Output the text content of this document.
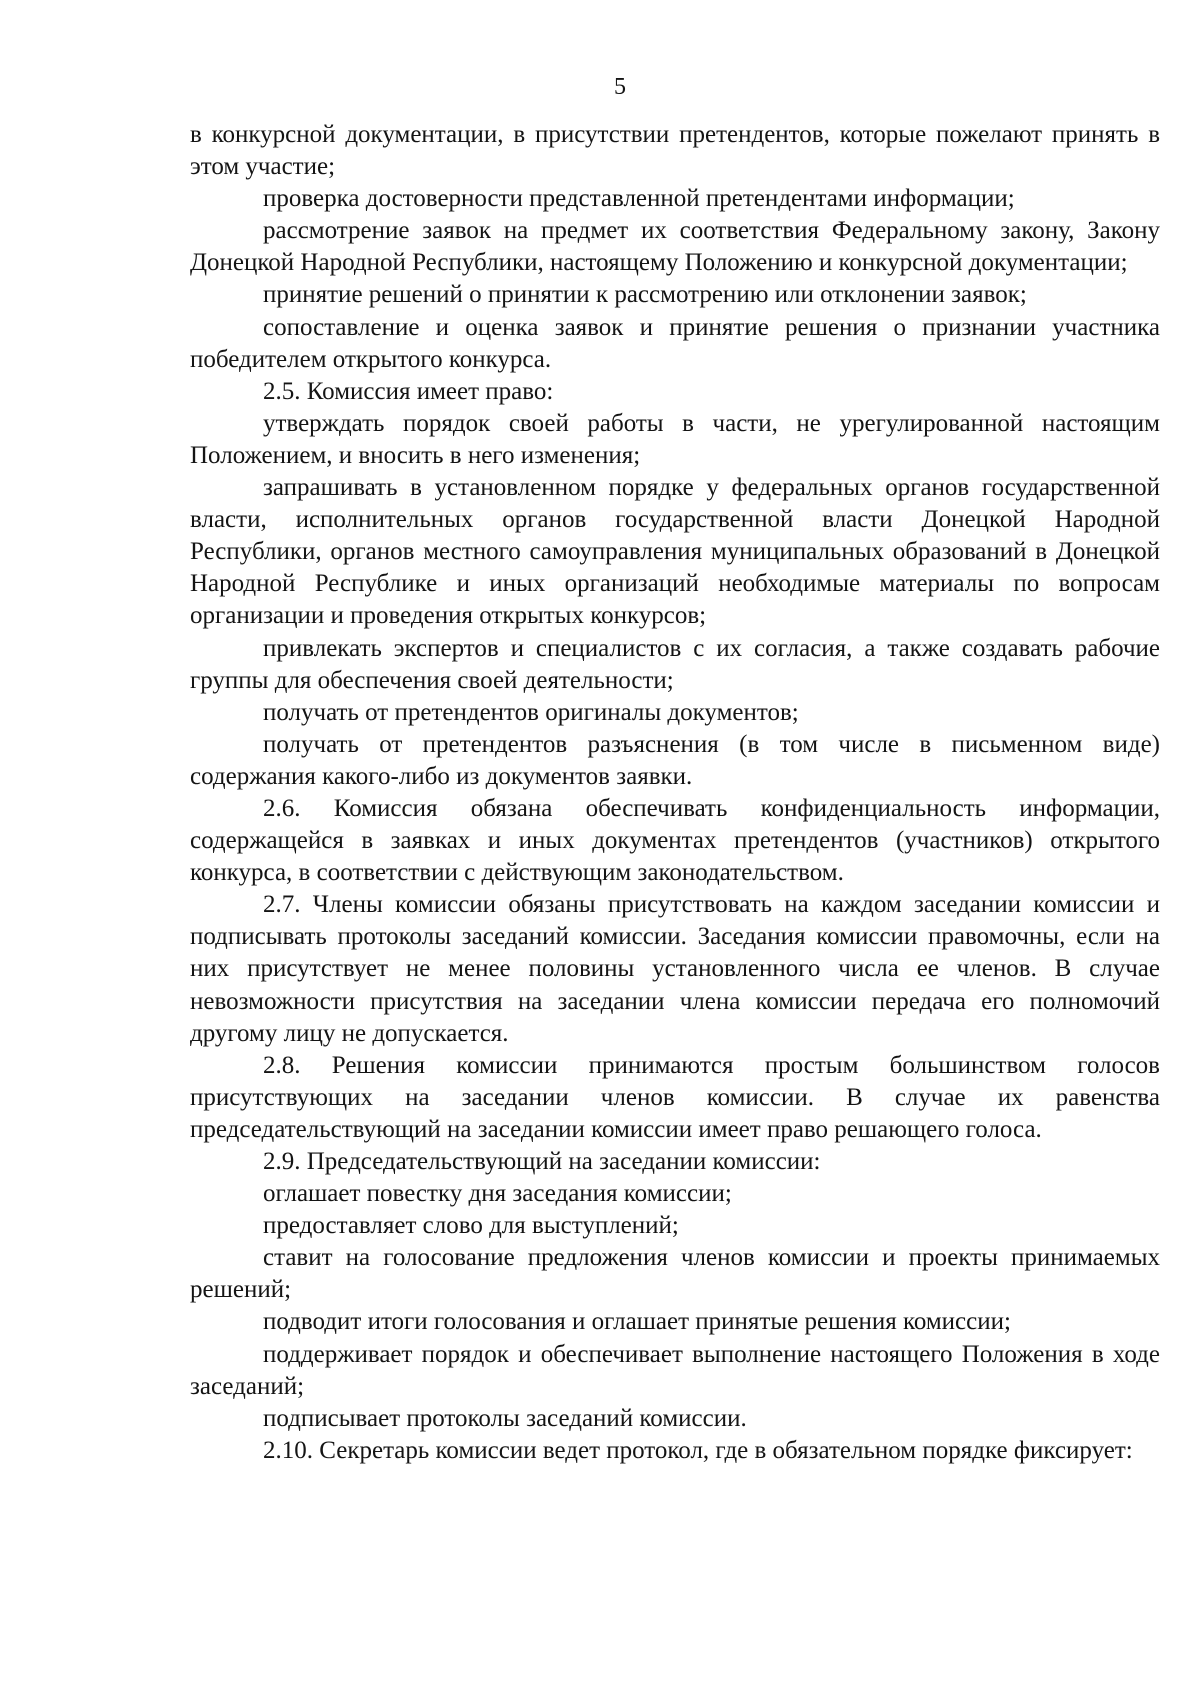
5

в конкурсной документации, в присутствии претендентов, которые пожелают принять в этом участие;

проверка достоверности представленной претендентами информации;

рассмотрение заявок на предмет их соответствия Федеральному закону, Закону Донецкой Народной Республики, настоящему Положению и конкурсной документации;

принятие решений о принятии к рассмотрению или отклонении заявок;

сопоставление и оценка заявок и принятие решения о признании участника победителем открытого конкурса.

2.5. Комиссия имеет право:

утверждать порядок своей работы в части, не урегулированной настоящим Положением, и вносить в него изменения;

запрашивать в установленном порядке у федеральных органов государственной власти, исполнительных органов государственной власти Донецкой Народной Республики, органов местного самоуправления муниципальных образований в Донецкой Народной Республике и иных организаций необходимые материалы по вопросам организации и проведения открытых конкурсов;

привлекать экспертов и специалистов с их согласия, а также создавать рабочие группы для обеспечения своей деятельности;

получать от претендентов оригиналы документов;

получать от претендентов разъяснения (в том числе в письменном виде) содержания какого-либо из документов заявки.

2.6. Комиссия обязана обеспечивать конфиденциальность информации, содержащейся в заявках и иных документах претендентов (участников) открытого конкурса, в соответствии с действующим законодательством.

2.7. Члены комиссии обязаны присутствовать на каждом заседании комиссии и подписывать протоколы заседаний комиссии. Заседания комиссии правомочны, если на них присутствует не менее половины установленного числа ее членов. В случае невозможности присутствия на заседании члена комиссии передача его полномочий другому лицу не допускается.

2.8. Решения комиссии принимаются простым большинством голосов присутствующих на заседании членов комиссии. В случае их равенства председательствующий на заседании комиссии имеет право решающего голоса.

2.9. Председательствующий на заседании комиссии:

оглашает повестку дня заседания комиссии;

предоставляет слово для выступлений;

ставит на голосование предложения членов комиссии и проекты принимаемых решений;

подводит итоги голосования и оглашает принятые решения комиссии;

поддерживает порядок и обеспечивает выполнение настоящего Положения в ходе заседаний;

подписывает протоколы заседаний комиссии.

2.10. Секретарь комиссии ведет протокол, где в обязательном порядке фиксирует:
